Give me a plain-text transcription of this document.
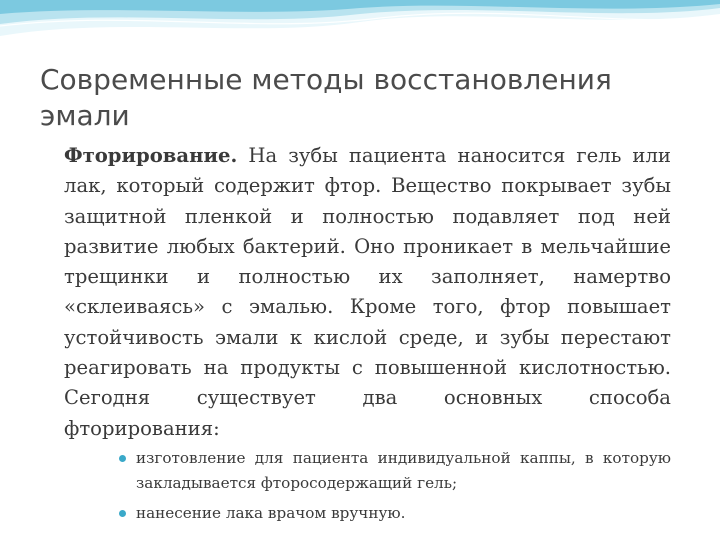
Современные методы восстановления эмали
Фторирование. На зубы пациента наносится гель или лак, который содержит фтор. Вещество покрывает зубы защитной пленкой и полностью подавляет под ней развитие любых бактерий. Оно проникает в мельчайшие трещинки и полностью их заполняет, намертво «склеиваясь» с эмалью. Кроме того, фтор повышает устойчивость эмали к кислой среде, и зубы перестают реагировать на продукты с повышенной кислотностью. Сегодня существует два основных способа фторирования:
изготовление для пациента индивидуальной каппы, в которую закладывается фторосодержащий гель;
нанесение лака врачом вручную.
